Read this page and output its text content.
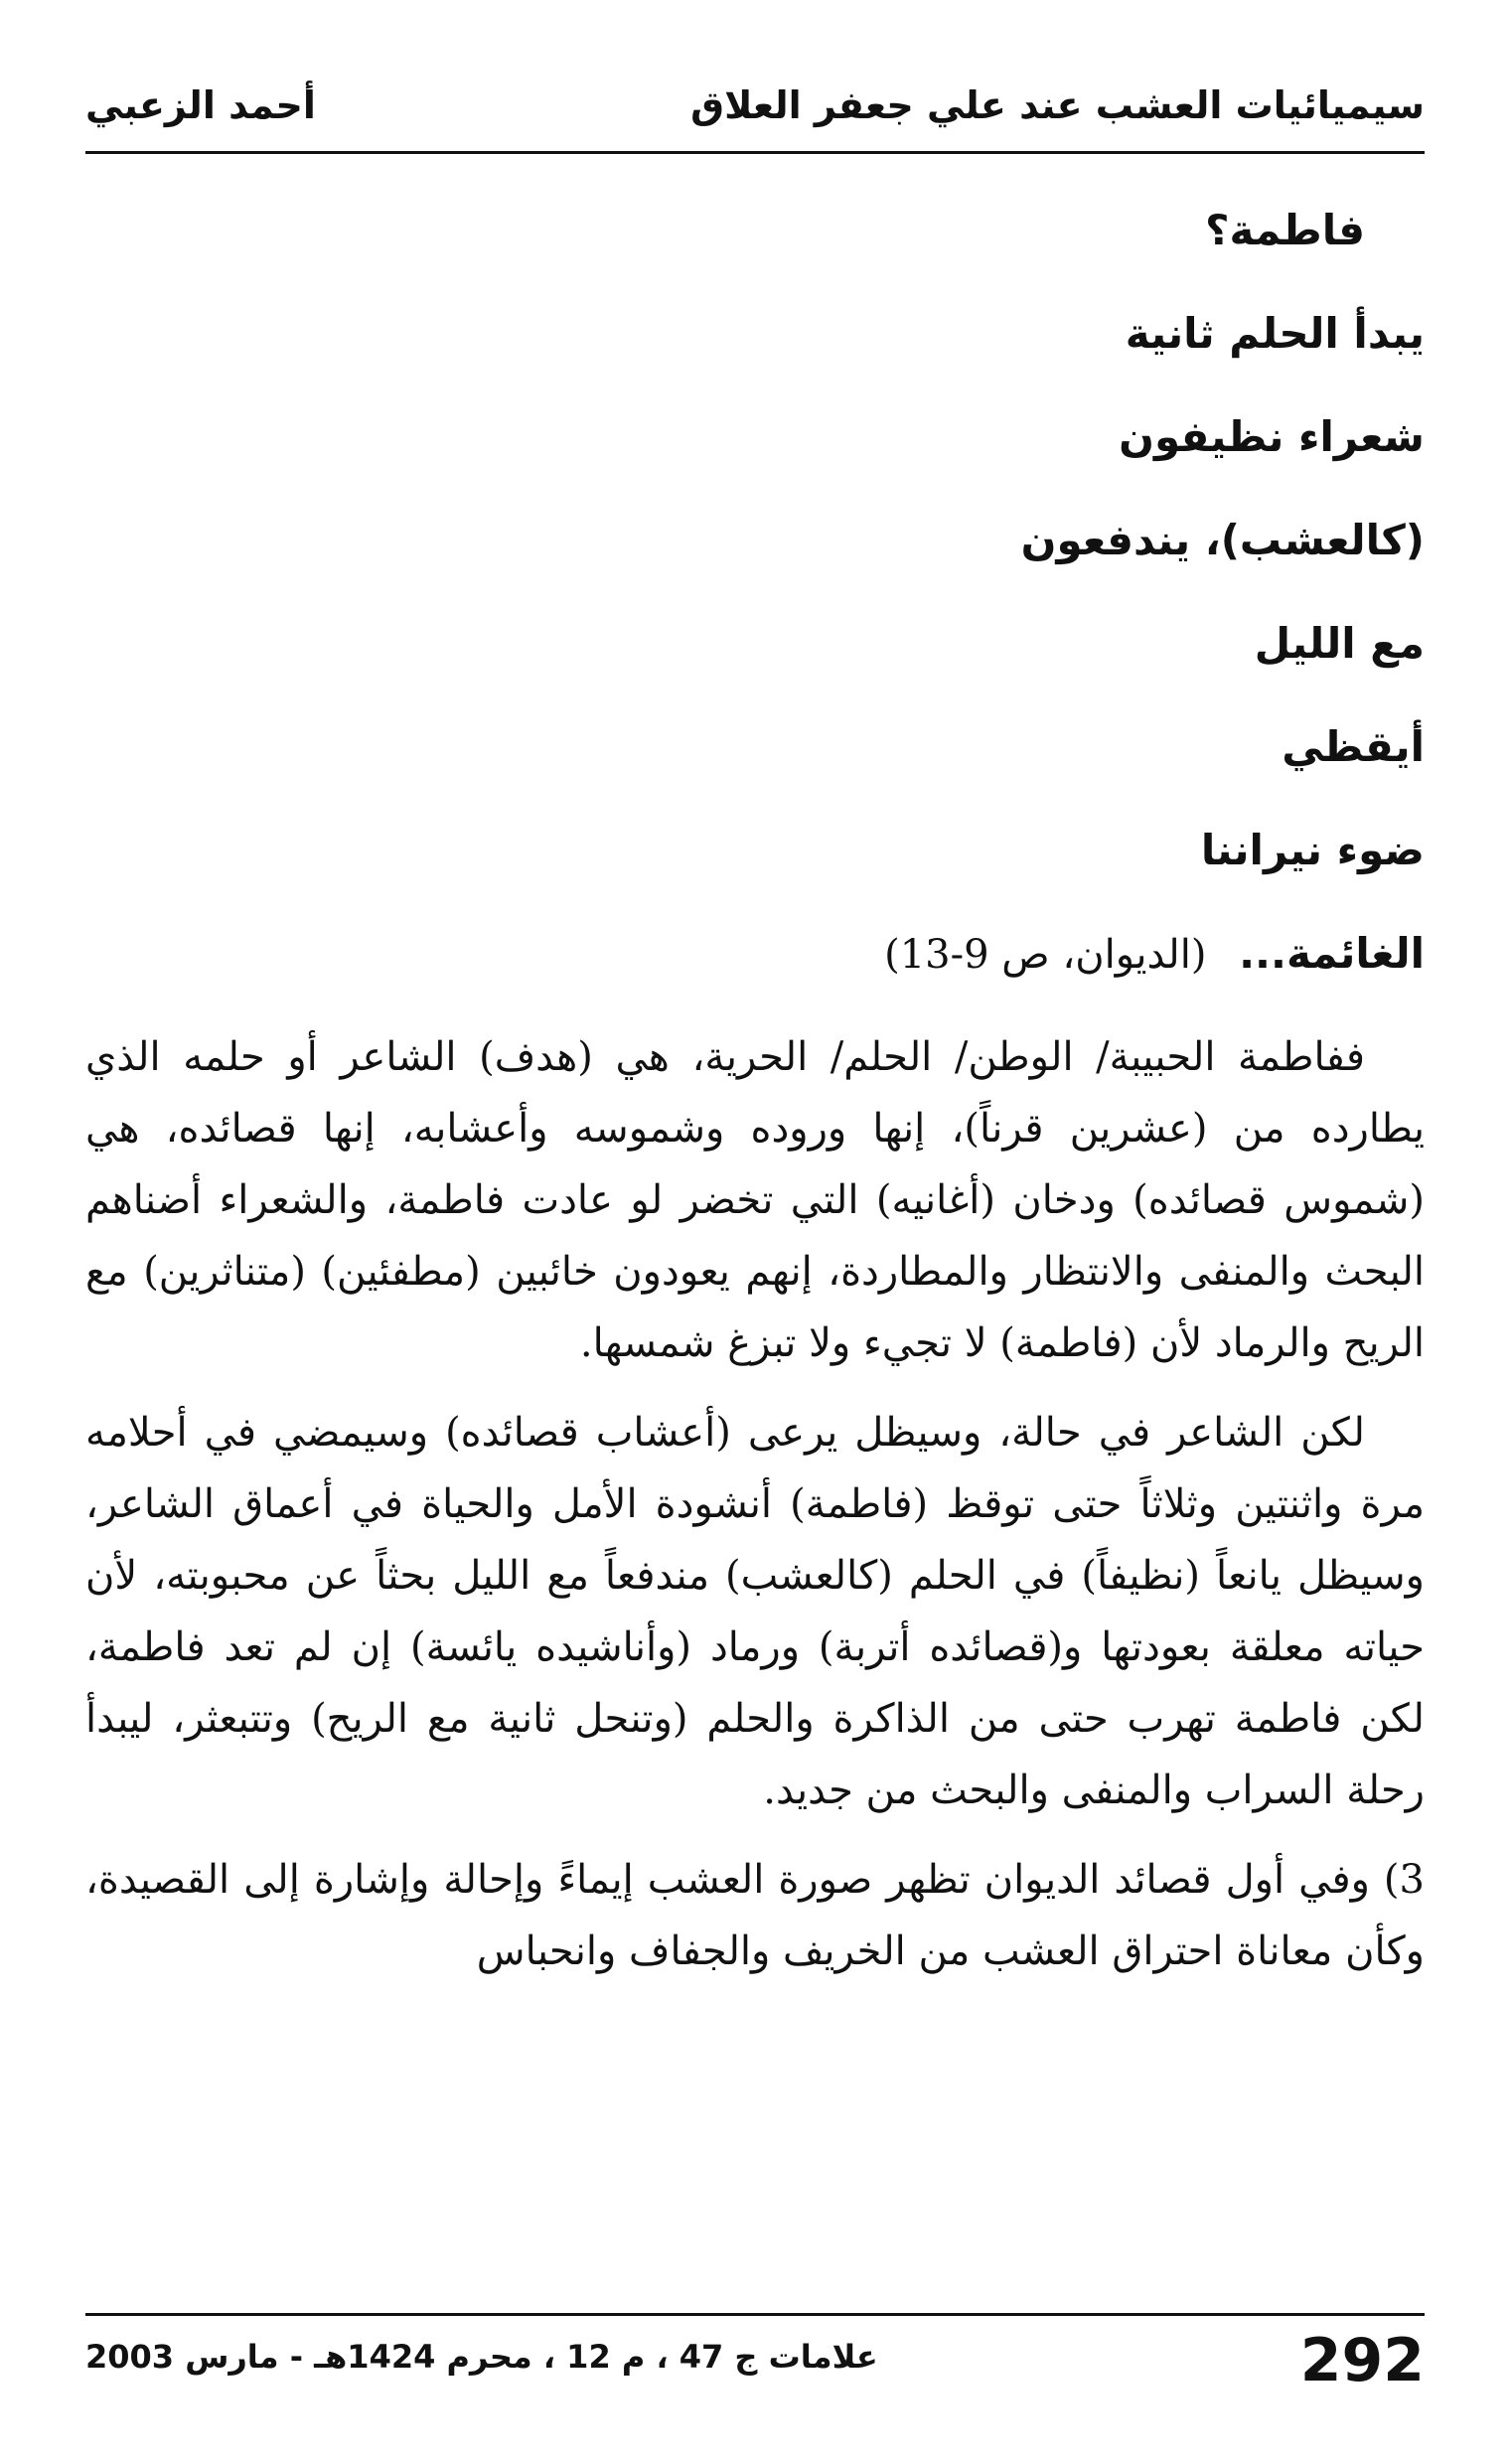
سيميائيات العشب عند علي جعفر العلاق
أحمد الزعبي
فاطمة؟
يبدأ الحلم ثانية
شعراء نظيفون
(كالعشب)، يندفعون
مع الليل
أيقظي
ضوء نيراننا
الغائمة... (الديوان، ص 9-13)

ففاطمة الحبيبة/ الوطن/ الحلم/ الحرية، هي (هدف) الشاعر أو حلمه الذي يطارده من (عشرين قرناً)، إنها وروده وشموسه وأعشابه، إنها قصائده، هي (شموس قصائده) ودخان (أغانيه) التي تخضر لو عادت فاطمة، والشعراء أضناهم البحث والمنفى والانتظار والمطاردة، إنهم يعودون خائبين (مطفئين) (متناثرين) مع الريح والرماد لأن (فاطمة) لا تجيء ولا تبزغ شمسها.

لكن الشاعر في حالة، وسيظل يرعى (أعشاب قصائده) وسيمضي في أحلامه مرة واثنتين وثلاثاً حتى توقظ (فاطمة) أنشودة الأمل والحياة في أعماق الشاعر، وسيظل يانعاً (نظيفاً) في الحلم (كالعشب) مندفعاً مع الليل بحثاً عن محبوبته، لأن حياته معلقة بعودتها و(قصائده أتربة) ورماد (وأناشيده يائسة) إن لم تعد فاطمة، لكن فاطمة تهرب حتى من الذاكرة والحلم (وتنحل ثانية مع الريح) وتتبعثر، ليبدأ رحلة السراب والمنفى والبحث من جديد.

3) وفي أول قصائد الديوان تظهر صورة العشب إيماءً وإحالة وإشارة إلى القصيدة، وكأن معاناة احتراق العشب من الخريف والجفاف وانحباس

292
علامات ج 47 ، م 12 ، محرم 1424هـ - مارس 2003
